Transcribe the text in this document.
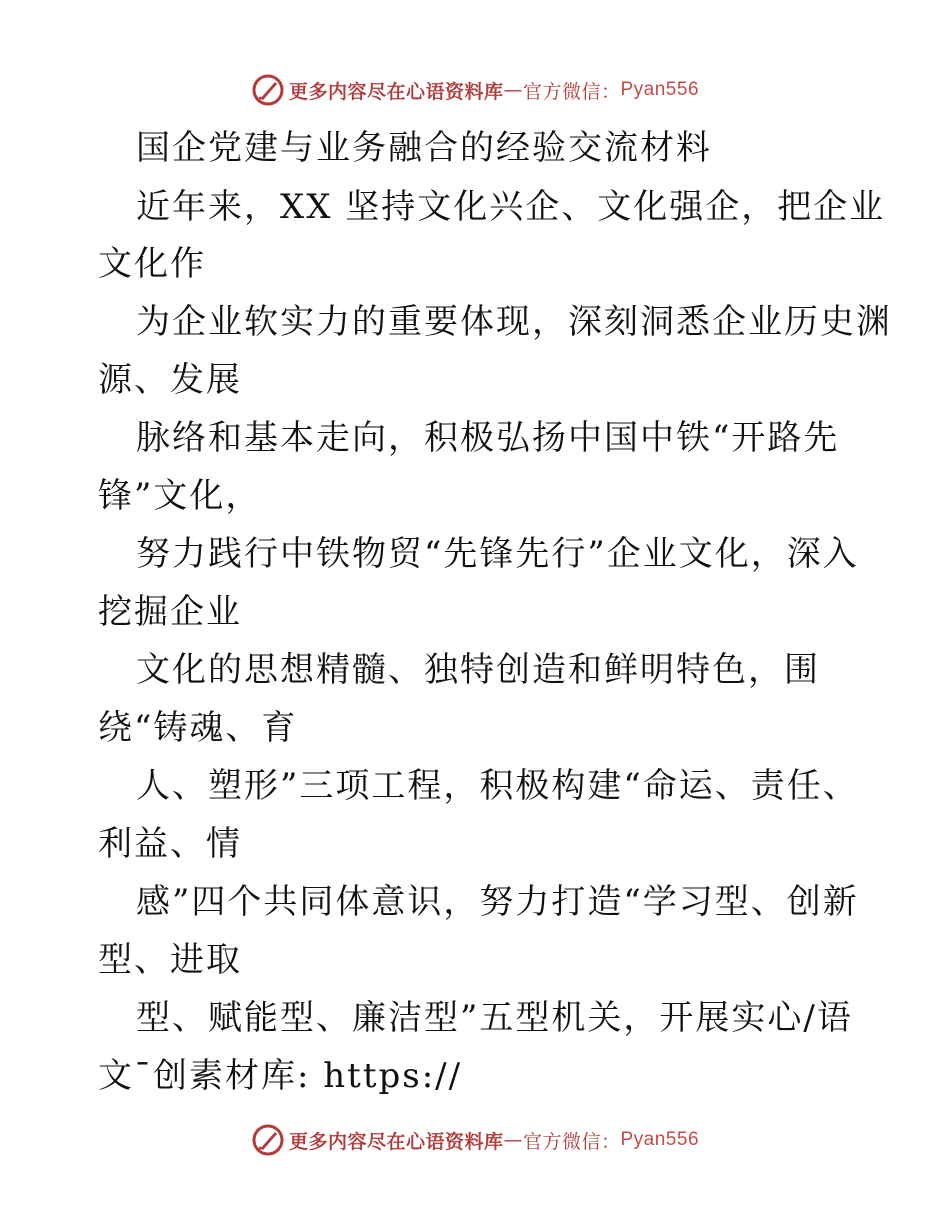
更多内容尽在心语资料库 — 官方微信： Pyan556
国企党建与业务融合的经验交流材料
近年来，XX 坚持文化兴企、文化强企，把企业
文化作
为企业软实力的重要体现，深刻洞悉企业历史渊
源、发展
脉络和基本走向，积极弘扬中国中铁“开路先
锋”文化，
努力践行中铁物贸“先锋先行”企业文化，深入
挖掘企业
文化的思想精髓、独特创造和鲜明特色，围
绕“铸魂、育
人、塑形”三项工程，积极构建“命运、责任、
利益、情
感”四个共同体意识，努力打造“学习型、创新
型、进取
型、赋能型、廉洁型”五型机关，开展实心/语
文¯创素材库: https://
更多内容尽在心语资料库 — 官方微信： Pyan556
